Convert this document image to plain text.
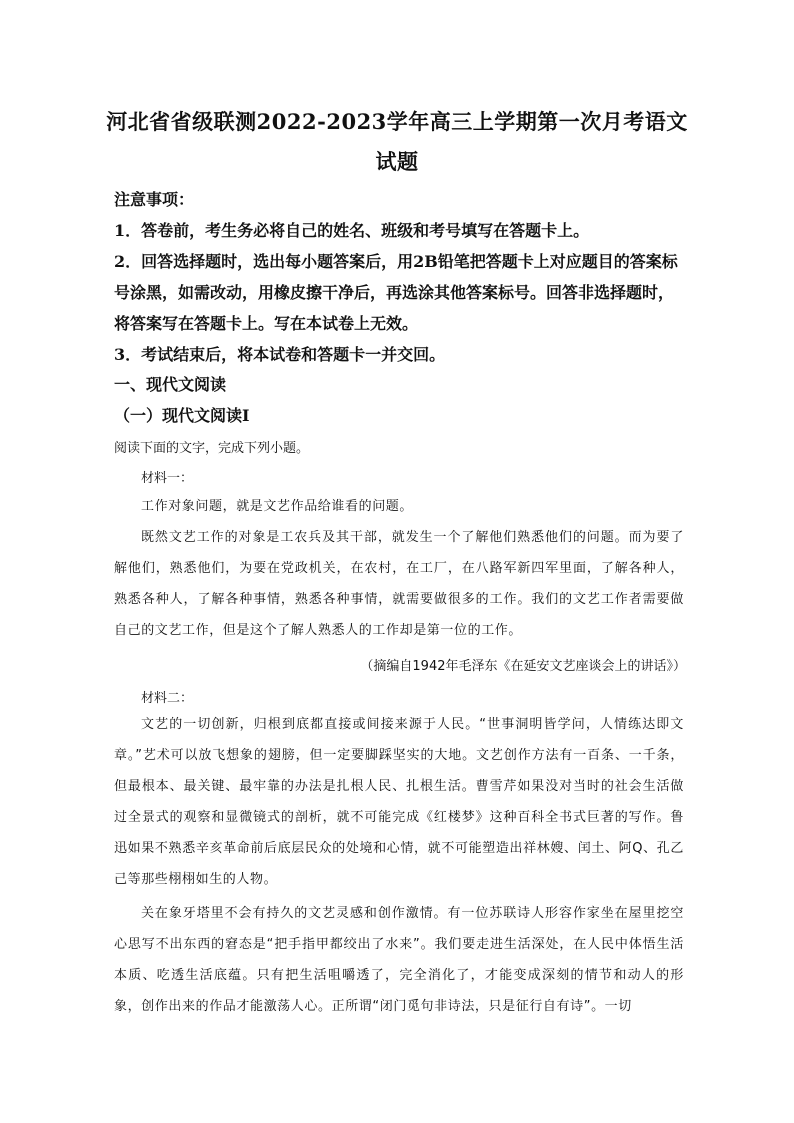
河北省省级联测2022-2023学年高三上学期第一次月考语文
试题
注意事项：
1．答卷前，考生务必将自己的姓名、班级和考号填写在答题卡上。
2．回答选择题时，选出每小题答案后，用2B铅笔把答题卡上对应题目的答案标
号涂黑，如需改动，用橡皮擦干净后，再选涂其他答案标号。回答非选择题时，
将答案写在答题卡上。写在本试卷上无效。
3．考试结束后，将本试卷和答题卡一并交回。
一、现代文阅读
（一）现代文阅读Ⅰ
阅读下面的文字，完成下列小题。
材料一：
工作对象问题，就是文艺作品给谁看的问题。
既然文艺工作的对象是工农兵及其干部，就发生一个了解他们熟悉他们的问题。而为要了解他们，熟悉他们，为要在党政机关，在农村，在工厂，在八路军新四军里面，了解各种人，熟悉各种人，了解各种事情，熟悉各种事情，就需要做很多的工作。我们的文艺工作者需要做自己的文艺工作，但是这个了解人熟悉人的工作却是第一位的工作。
（摘编自1942年毛泽东《在延安文艺座谈会上的讲话》）
材料二：
文艺的一切创新，归根到底都直接或间接来源于人民。“世事洞明皆学问，人情练达即文章。”艺术可以放飞想象的翅膀，但一定要脚踩坚实的大地。文艺创作方法有一百条、一千条，但最根本、最关键、最牢靠的办法是扎根人民、扎根生活。曹雪芹如果没对当时的社会生活做过全景式的观察和显微镜式的剖析，就不可能完成《红楼梦》这种百科全书式巨著的写作。鲁迅如果不熟悉辛亥革命前后底层民众的处境和心情，就不可能塑造出祥林嫂、闰土、阿Q、孔乙己等那些栩栩如生的人物。
关在象牙塔里不会有持久的文艺灵感和创作激情。有一位苏联诗人形容作家坐在屋里挖空心思写不出东西的窘态是“把手指甲都绞出了水来”。我们要走进生活深处，在人民中体悟生活本质、吃透生活底蕴。只有把生活咀嚼透了，完全消化了，才能变成深刻的情节和动人的形象，创作出来的作品才能激荡人心。正所谓“闭门觅句非诗法，只是征行自有诗”。一切
